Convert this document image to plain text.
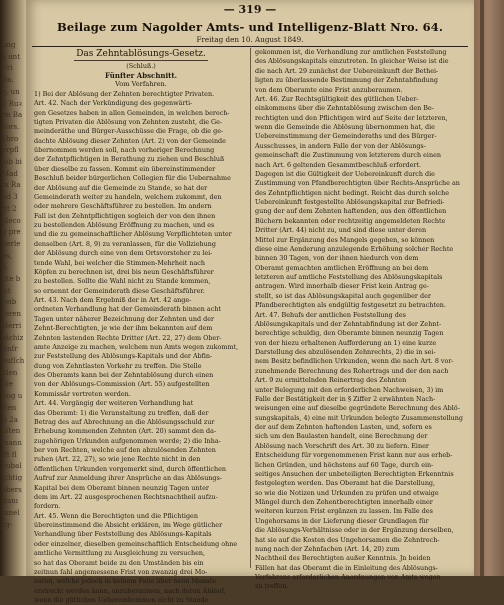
ung
ʒ unt
Fri
ltn.
e, un
u Ruꝛ
en Ba
vors.
ebro
erpfl
aib bi
Mad
in Ra
nd 3
itt 2
'deco
g pre
herle
es,
a.
ute b
ist
reib
teren
Herri
atchiz
Anfr
aufſch
hlen
die
ung u
tten
it 2a
oſten
mann
ift fl
eubal
ichtig
ebers
itanı
nmel
rg-
— 319 —
Beilage zum Nagolder Amts- und Intelligenz-Blatt Nro. 64.
Freitag den 10. August 1849.
Das Zehntablösungs-Gesetz.
(Schluß.)
Fünfter Abschnitt.
Vom Verfahren.
1) Bei der Ablösung der Zehnten berechtigter Privaten.
Art. 42. Nach der Verkündigung des gegenwärti-
gen Gesetzes haben in allen Gemeinden, in welchen berech-
tigten Privaten die Ablösung von Zehnten zusteht, die Ge-
meinderäthe und Bürger-Ausschüsse die Frage, ob die ge-
dachte Ablösung dieser Zehnten (Art. 2) von der Gemeinde
übernommen werden soll, nach vorheriger Berechnung
der Zehntpflichtigen in Berathung zu ziehen und Beschluß
über dieselbe zu fassen. Kommt ein übereinstimmender
Beschluß beider bürgerlichen Collegien für die Uebernahme
der Ablösung auf die Gemeinde zu Stande, so hat der
Gemeinderath weiter zu handeln, welchem zukommt, den
oder mehrere Geschäftsführer zu bestellen. Im andern
Fall ist den Zehntpflichtigen sogleich der von den ihnen
zu bestellenden Ablösung Eröffnung zu machen, und es
und die zu gemeinschaftlicher Ablösung Verpflichteten unter
denselben (Art. 8, 9) zu veranlassen, für die Vollziehung
der Ablösung durch eine von dem Ortsvorsteher zu lei-
tende Wahl, bei welcher die Stimmen-Mehrheit nach
Köpfen zu berechnen ist, drei bis neun Geschäftsführer
zu bestellen. Sollte die Wahl nicht zu Stande kommen,
so ernennt der Gemeinderath diese Geschäftsführer.
Art. 43. Nach dem Ergebniß der in Art. 42 ange-
ordneten Verhandlung hat der Gemeinderath binnen acht
Tagen unter näherer Bezeichnung der Zehnten und der
Zehnt-Berechtigten, je wie der ihm bekannten auf dem
Zehnten lastenden Rechte Dritter (Art. 22, 27) dem Ober-
amte Anzeige zu machen, welchem nun Amts wegen zukommt,
zur Feststellung des Ablösungs-Kapitals und der Abfin-
dung von Zehntlasten Vorkehr zu treffen. Die Stelle
des Oberamts kann bei der Zehntablösung durch einen
von der Ablösungs-Commission (Art. 55) aufgestellten
Kommissär vertreten werden.
Art. 44. Vorgängig der weiteren Verhandlung hat
das Oberamt: 1) die Veranstaltung zu treffen, daß der
Betrag des auf Abrechnung an die Ablösungsschuld zur
Erhebung kommenden Zehnten (Art. 20) sammt den da-
zugehörigen Urkunden aufgenommen werde; 2) die Inha-
ber von Rechten, welche auf den abzulösenden Zehnten
ruhen (Art. 22, 27), so wie jene Rechte nicht in den
öffentlichen Urkunden vorgemerkt sind, durch öffentlichen
Aufruf zur Anmeldung ihrer Ansprüche an das Ablösungs-
Kapital bei dem Oberamt binnen neunzig Tagen unter
dem im Art. 22 ausgesprochenen Rechtsnachtheil aufzu-
fordern.
Art. 45. Wenn die Berechtigten und die Pflichtigen
übereinstimmend die Absicht erklären, im Wege gütlicher
Verhandlung über Feststellung des Ablösungs-Kapitals
oder einzelner, dieselben gemeinschaftlich Entscheidung ohne
amtliche Vermittlung zu Ausgleichung zu versuchen,
so hat das Oberamt beide zu den Umständen bis ein
zeitnun fahl angemessene Frist von zwanzig drei Mo-
naten, welche jedoch in keinem Falle über neun Monate
erstreckt werden kann, anzuberaumen, nach deren Ablauf,
wenn die gütlichen Uebereinkommen nicht zu Stande
gekommen ist, die Verhandlung zur amtlichen Feststellung
des Ablösungskapitals einzutreten. In gleicher Weise ist die
die nach Art. 29 zunächst der Uebereinkunft der Bethei-
ligten zu überlassende Bestimmung der Zehntabfindung
von dem Oberamte eine Frist anzuberaumen.
Art. 46. Zur Rechtsgültigkeit des gütlichen Ueber-
einkommens über die Zehntablösung zwischen den Be-
rechtigten und den Pflichtigen wird auf Seite der letzteren,
wenn die Gemeinde die Ablösung übernommen hat, die
Uebereinstimmung der Gemeinderaths und des Bürger-
Ausschusses, in andern Falle der von der Ablösungs-
gemeinschaft die Zustimmung von letzterem durch einen
nach Art. 6 geltenden Gesammtbeschluß erfordert.
Dagegen ist die Gültigkeit der Uebereinkunft durch die
Zustimmung von Pfandberechtigten über Rechts-Ansprüche an
des Zehntpflichtigen nicht bedingt. Reicht das durch solche
Uebereinkunft festgestellte Ablösungskapital zur Befriedi-
gung der auf dem Zehnten haftenden, aus den öffentlichen
Büchern bekannten oder rechtzeitig angemeldeten Rechte
Dritter (Art. 44) nicht zu, und sind diese unter deren
Mittel zur Ergänzung des Mangels gegeben, so können
diese eine Aenderung anzulegende Erhöhung solcher Rechte
binnen 30 Tagen, von der ihnen hiedurch von dem
Oberamt gemachten amtlichen Eröffnung an bei dem
letzteren auf amtliche Feststellung des Ablösungskapitals
antragen. Wird innerhalb dieser Frist kein Antrag ge-
stellt, so ist das Ablösungskapital auch gegenüber der
Pfandberechtigten als endgültig festgesetzt zu betrachten.
Art. 47. Behufs der amtlichen Feststellung des
Ablösungskapitals und der Zehntabfindung ist der Zehnt-
berechtige schuldig, den Oberamte binnen neunzig Tagen
von der hiezu erhaltenen Aufforderung an 1) eine kurze
Darstellung des abzulösenden Zehnrechts, 2) die in sei-
nem Besitz befindlichen Urkunden, wenn die nach Art. 8 vor-
zunehmende Berechnung des Rohertrags und der den nach
Art. 9 zu ermittelnden Reinertrag des Zehnten
unter Belegung mit den erforderlichen Nachweisen, 3) im
Falle der Bestätigkeit der in § Ziffer 2 erwähnten Nach-
weisungen eine auf dieselbe gegründete Berechnung des Ablö-
sungskapitals, 4) eine mit Urkunden belegte Zusammenstellung
der auf dem Zehnten haftenden Lasten, und, sofern es
sich um den Baulasten handelt, eine Berechnung der
Ablösung nach Vorschrift des Art. 30 zu liefern. Einer
Entscheidung für vorgenommenen Frist kann nur aus erheb-
lichen Gründen, und höchstens auf 60 Tage, durch ein-
seitiges Ansuchen der unbeteiligten Berechtigten Erkenntnis
festgelegten werden. Das Oberamt hat die Darstellung,
so wie die Notizen und Urkunden zu prüfen und etwaige
Mängel durch den Zehentberechtigten innerhalb einer
weiteren kurzen Frist ergänzen zu lassen. Im Falle des
Ungehorsams in der Lieferung dieser Grundlagen für
die Ablösungs-Verhältnisse oder in der Ergänzung derselben,
hat sie auf die Kosten des Ungehorsamen die Zehntrech-
nung nach der Zehnfachen (Art. 14, 20) zum
Nachtheil des Berechtigten außer Kenntnis. Jn beiden
Fällen hat das Oberamt die in Einleitung des Ablösungs-
Verfahrens erforderlichen Anordnungen von Amts wegen
zu treffen.
